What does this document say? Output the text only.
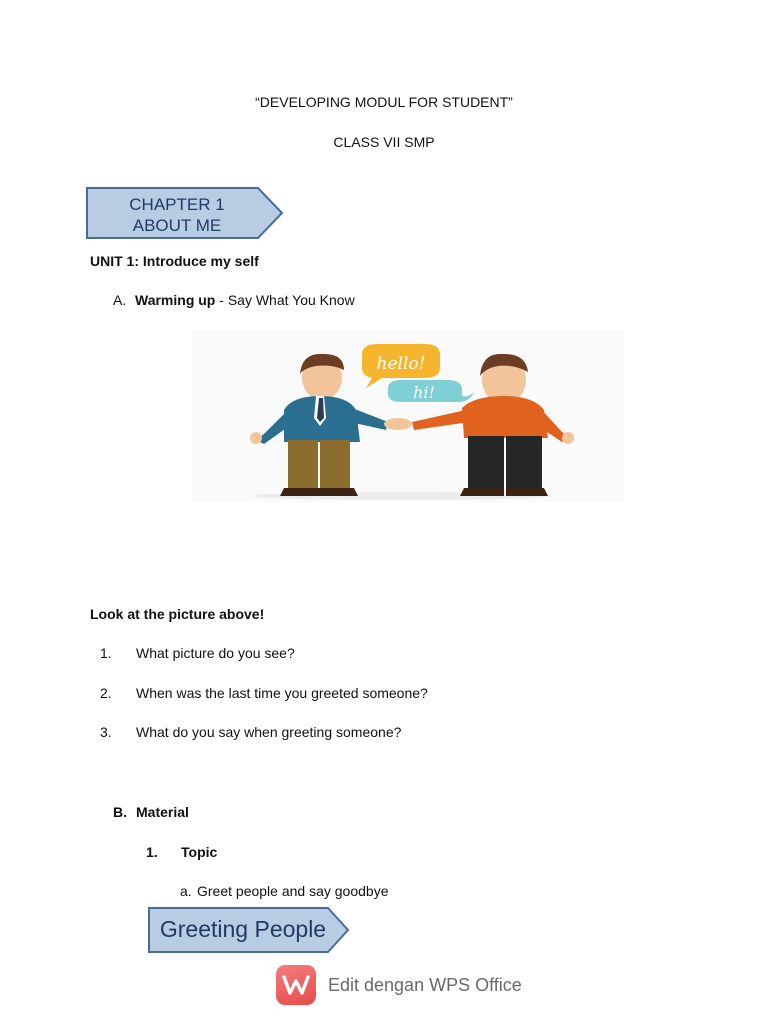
“DEVELOPING MODUL FOR STUDENT”
CLASS VII SMP
CHAPTER 1
ABOUT ME
UNIT 1: Introduce my self
A. Warming up - Say What You Know
hello!
hi!
Look at the picture above!
1. What picture do you see?
2. When was the last time you greeted someone?
3. What do you say when greeting someone?
B. Material
1. Topic
a. Greet people and say goodbye
Greeting People
Edit dengan WPS Office
